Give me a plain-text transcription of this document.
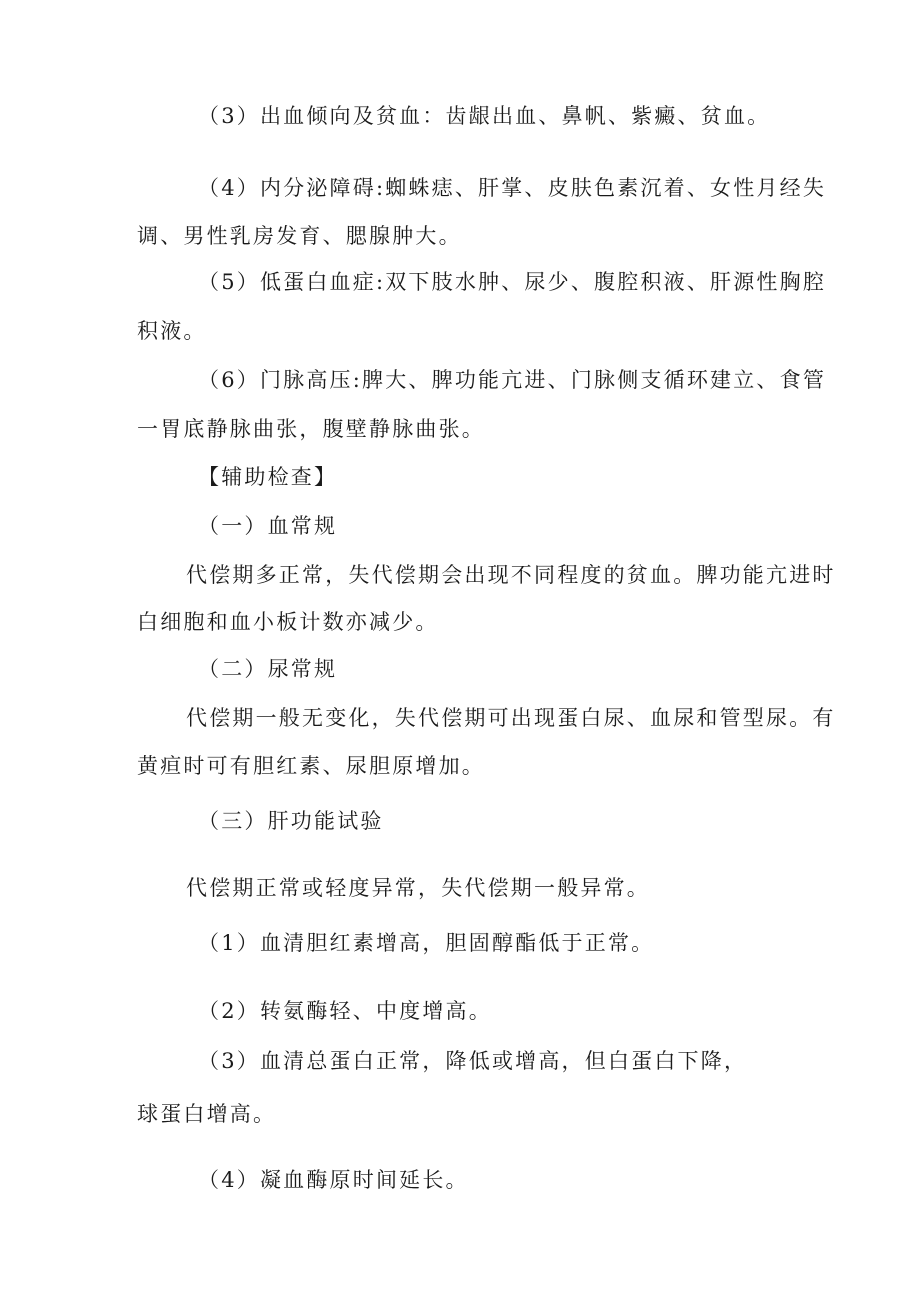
（3）出血倾向及贫血：齿龈出血、鼻帆、紫癜、贫血。
（4）内分泌障碍:蜘蛛痣、肝掌、皮肤色素沉着、女性月经失
调、男性乳房发育、腮腺肿大。
（5）低蛋白血症:双下肢水肿、尿少、腹腔积液、肝源性胸腔
积液。
（6）门脉高压:脾大、脾功能亢进、门脉侧支循环建立、食管
一胃底静脉曲张，腹壁静脉曲张。
【辅助检查】
（一）血常规
代偿期多正常，失代偿期会出现不同程度的贫血。脾功能亢进时
白细胞和血小板计数亦减少。
（二）尿常规
代偿期一般无变化，失代偿期可出现蛋白尿、血尿和管型尿。有
黄疸时可有胆红素、尿胆原增加。
（三）肝功能试验
代偿期正常或轻度异常，失代偿期一般异常。
（1）血清胆红素增高，胆固醇酯低于正常。
（2）转氨酶轻、中度增高。
（3）血清总蛋白正常，降低或增高，但白蛋白下降，
球蛋白增高。
（4）凝血酶原时间延长。
